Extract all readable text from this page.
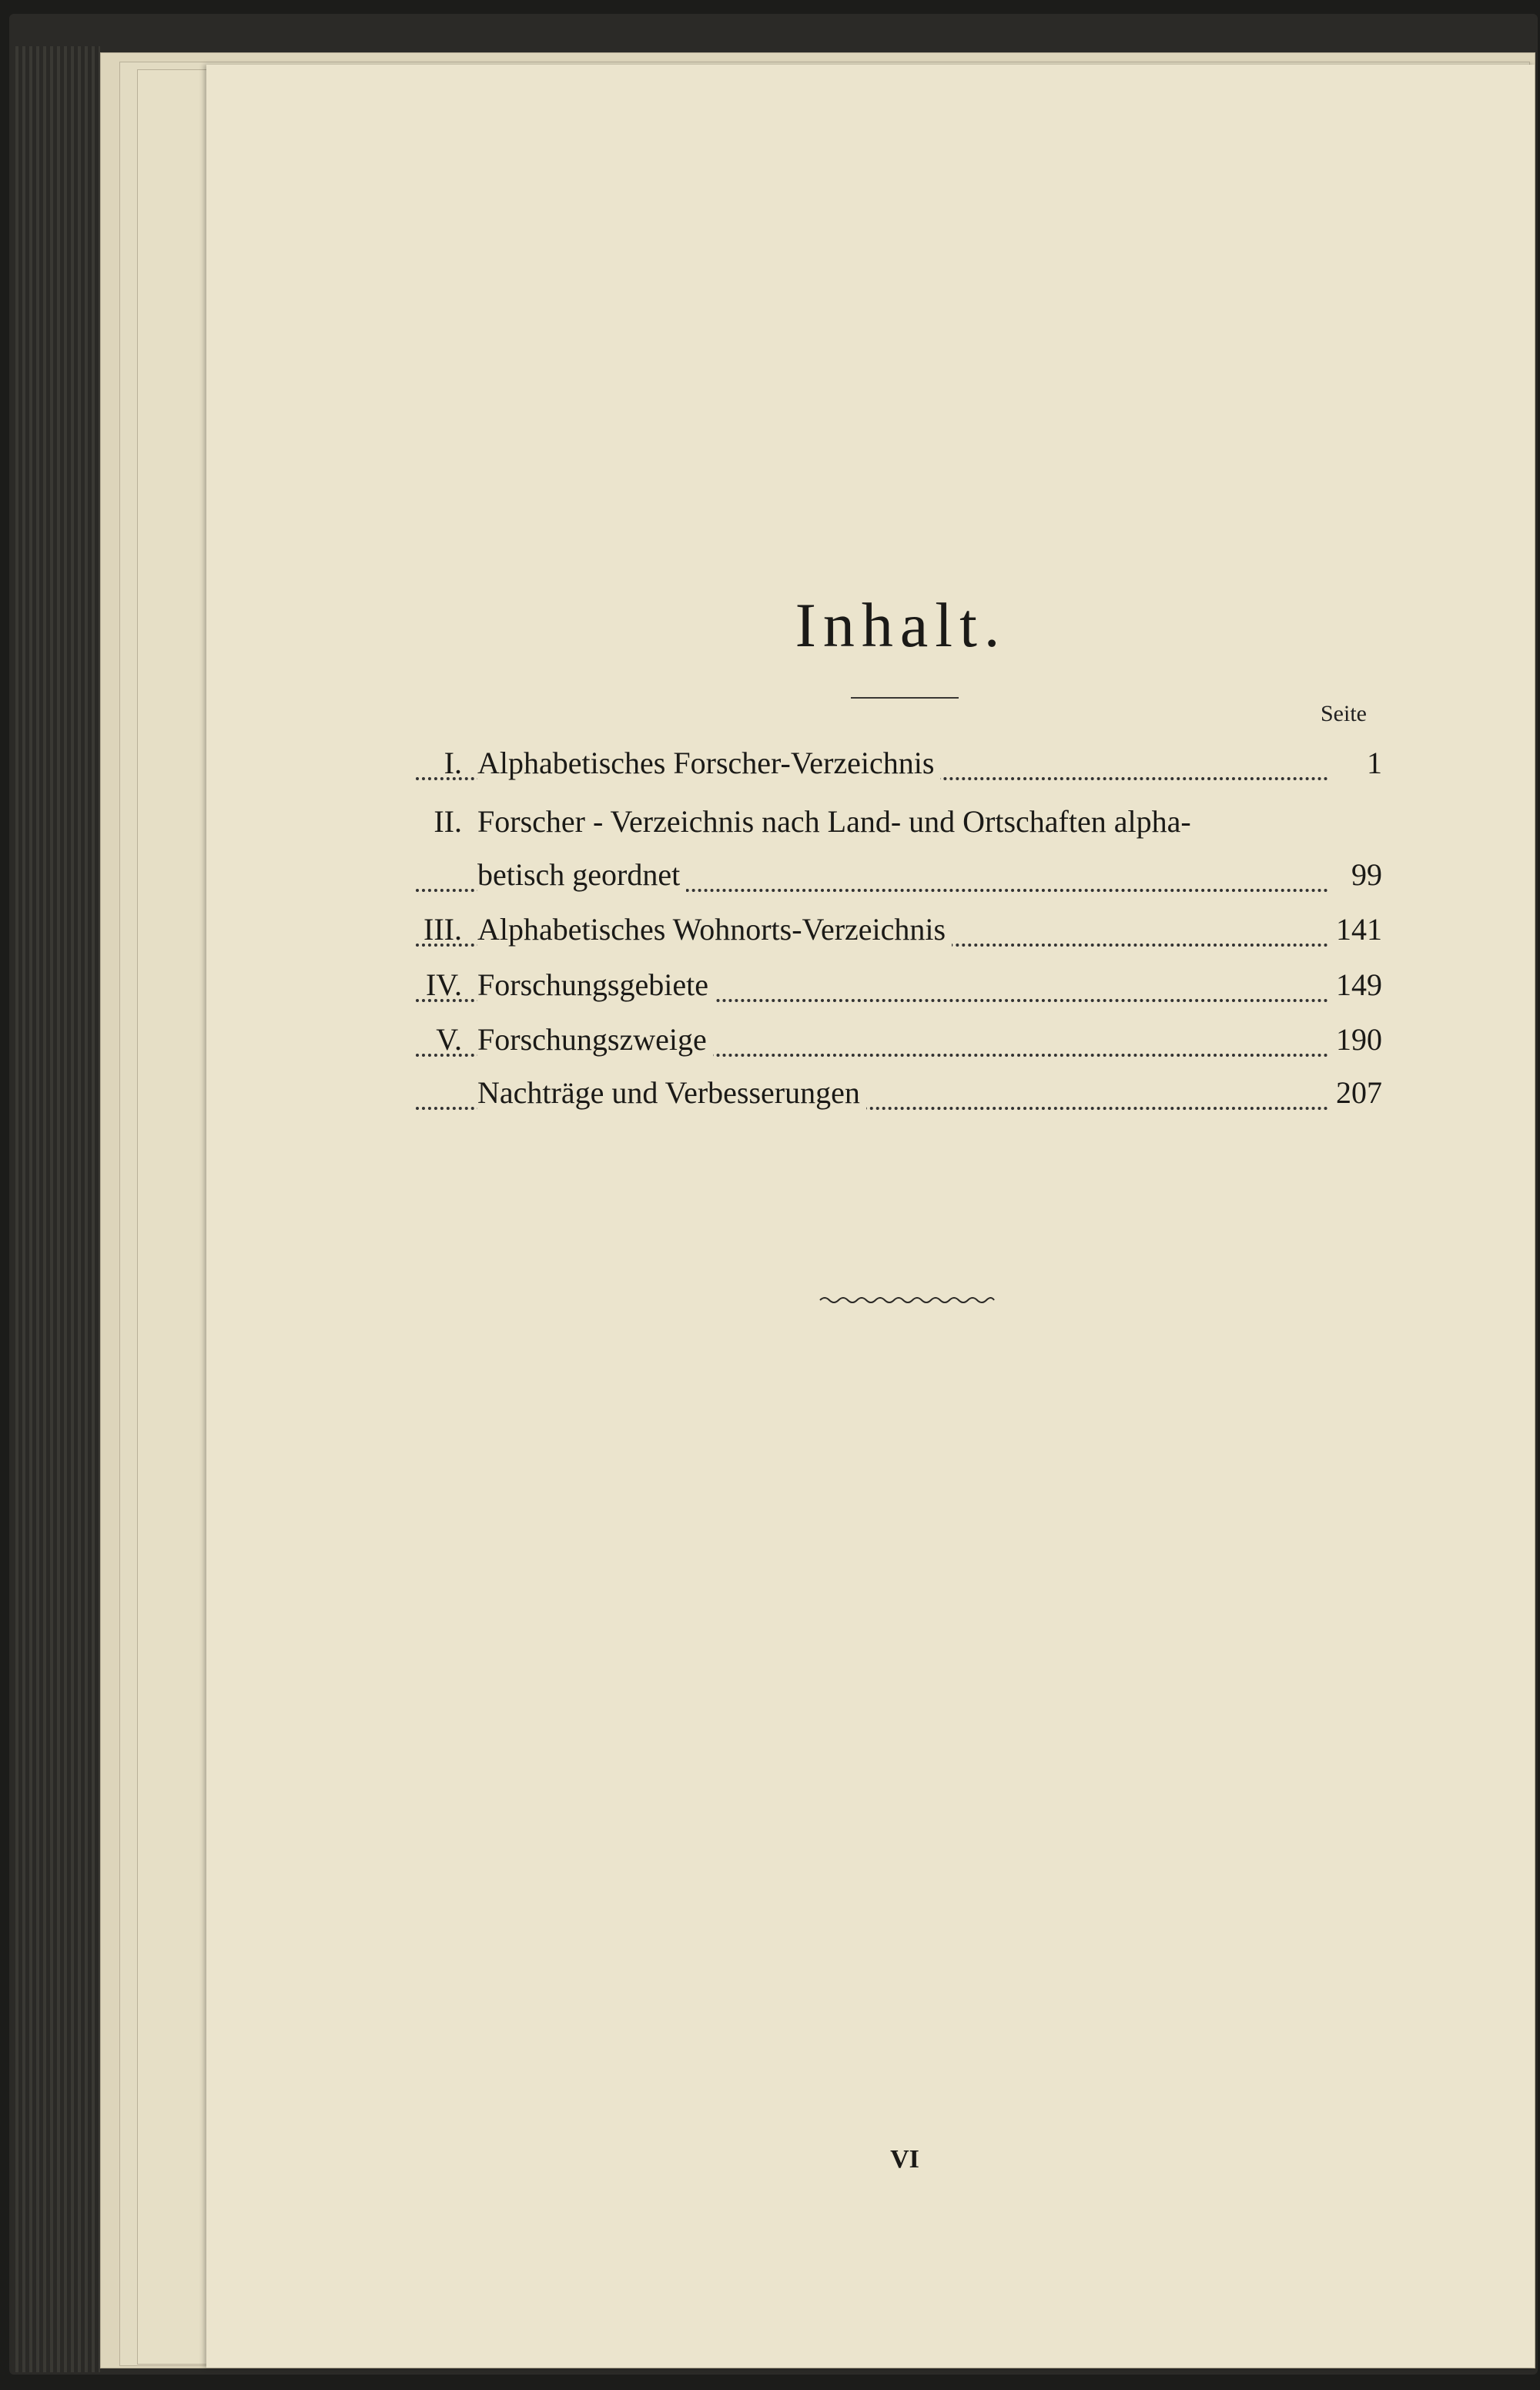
Inhalt.
Seite
I. Alphabetisches Forscher-Verzeichnis	1
II. Forscher - Verzeichnis nach Land- und Ortschaften alpha-
betisch geordnet	99
III. Alphabetisches Wohnorts-Verzeichnis	141
IV. Forschungsgebiete	149
V. Forschungszweige	190
Nachträge und Verbesserungen	207
VI
